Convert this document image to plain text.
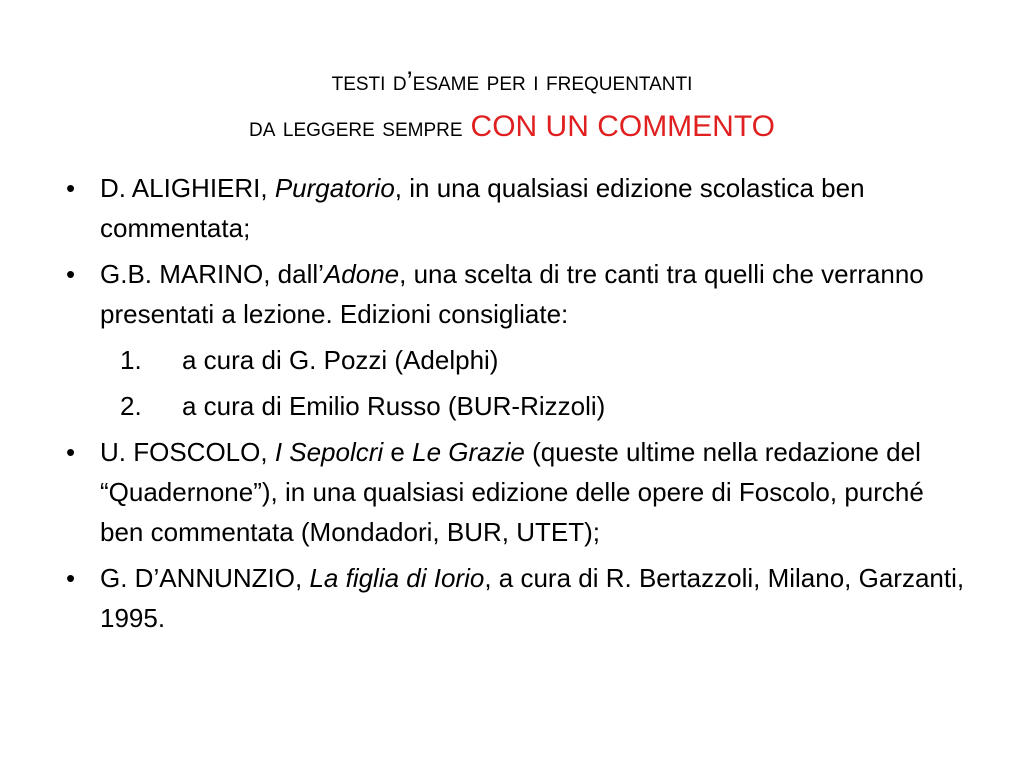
testi d’esame per i frequentanti
da leggere sempre CON UN COMMENTO
• D. ALIGHIERI, Purgatorio, in una qualsiasi edizione scolastica ben commentata;
• G.B. MARINO, dall’Adone, una scelta di tre canti tra quelli che verranno presentati a lezione. Edizioni consigliate:
1. a cura di G. Pozzi (Adelphi)
2. a cura di Emilio Russo (BUR-Rizzoli)
• U. FOSCOLO, I Sepolcri e Le Grazie (queste ultime nella redazione del “Quadernone”), in una qualsiasi edizione delle opere di Foscolo, purché ben commentata (Mondadori, BUR, UTET);
• G. D’ANNUNZIO, La figlia di Iorio, a cura di R. Bertazzoli, Milano, Garzanti, 1995.
